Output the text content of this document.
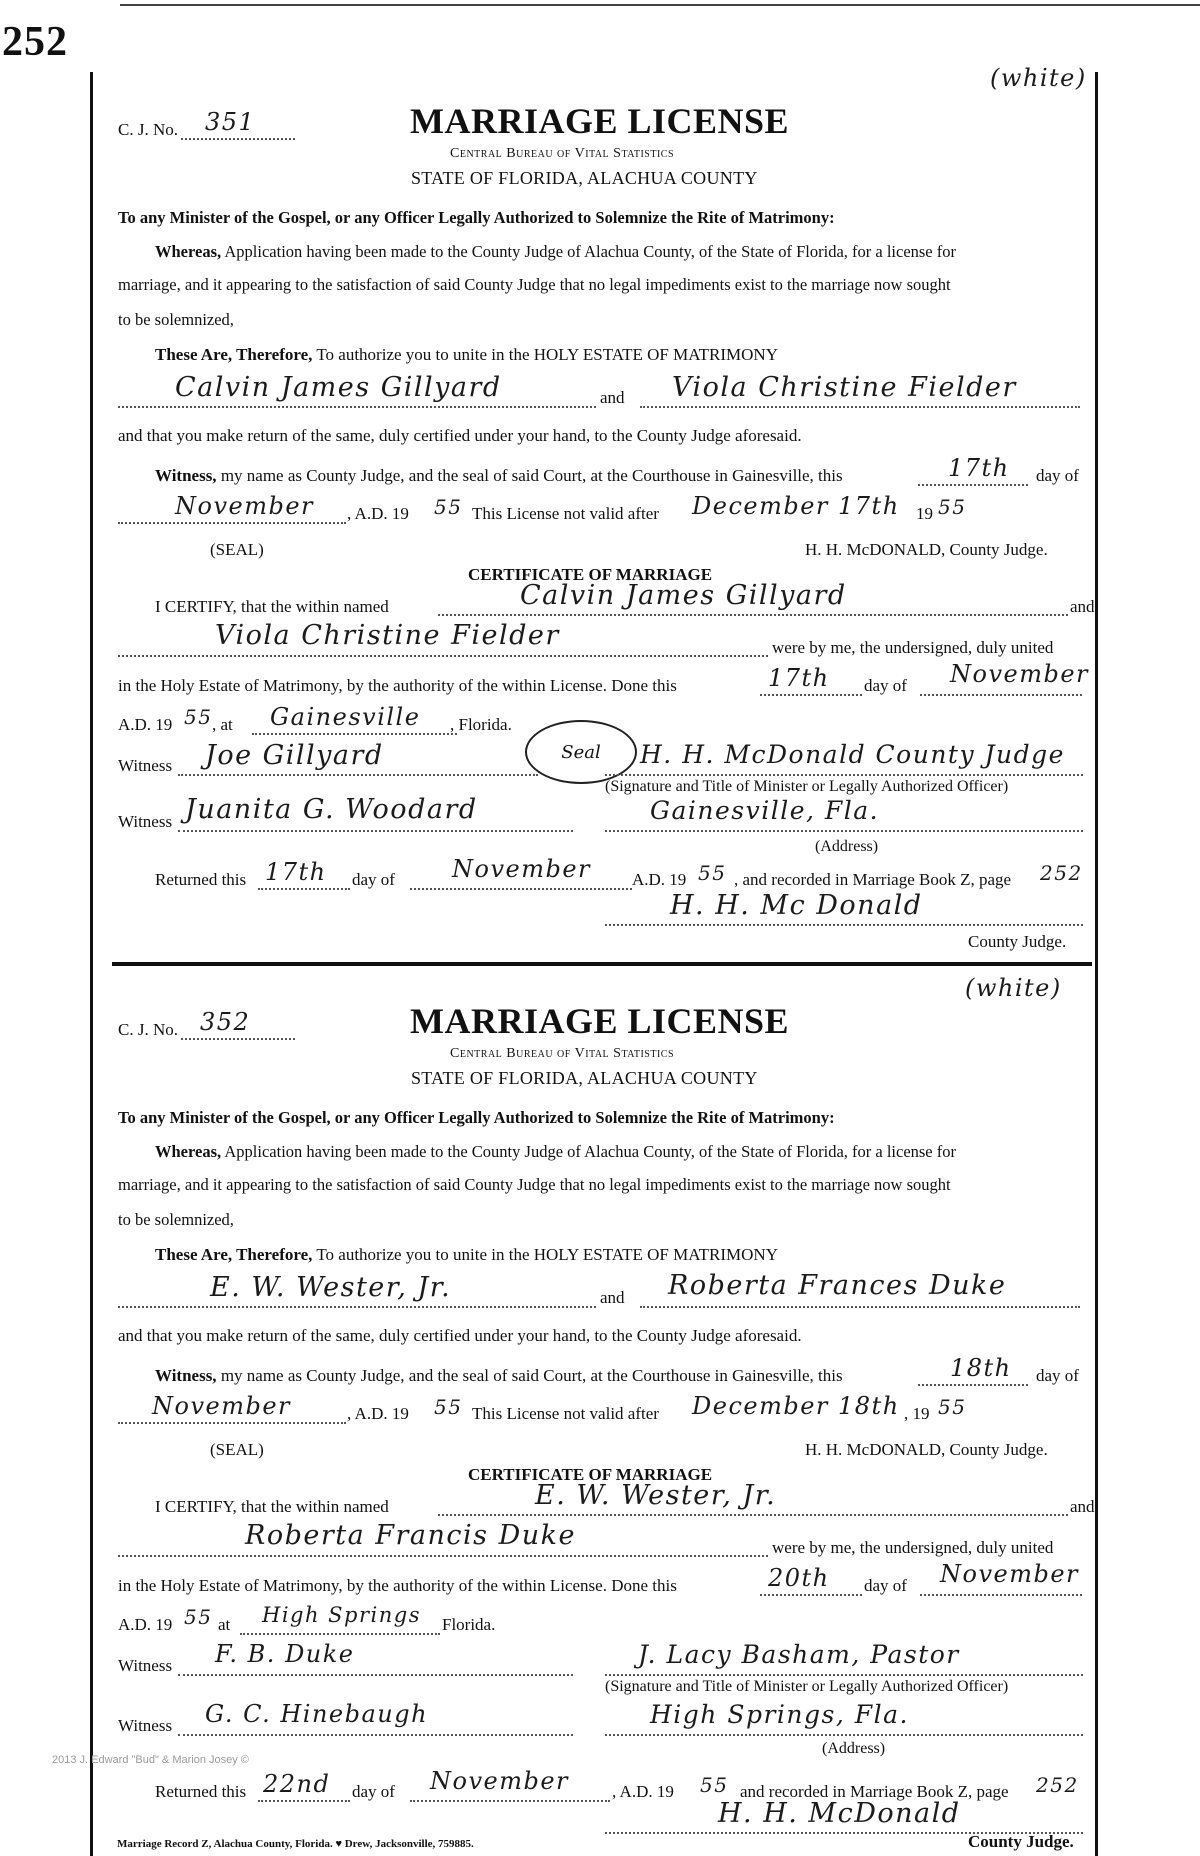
252
(white)
C. J. No. 351	MARRIAGE LICENSE
Central Bureau of Vital Statistics
STATE OF FLORIDA, ALACHUA COUNTY
To any Minister of the Gospel, or any Officer Legally Authorized to Solemnize the Rite of Matrimony:
Whereas, Application having been made to the County Judge of Alachua County, of the State of Florida, for a license for
marriage, and it appearing to the satisfaction of said County Judge that no legal impediments exist to the marriage now sought
to be solemnized,
These Are, Therefore, To authorize you to unite in the HOLY ESTATE OF MATRIMONY
Calvin James Gillyard	and Viola Christine Fielder
and that you make return of the same, duly certified under your hand, to the County Judge aforesaid.
Witness, my name as County Judge, and the seal of said Court, at the Courthouse in Gainesville, this	17th day of
November , A.D. 19 55 This License not valid after December 17th 19 55
(SEAL)	H. H. McDONALD, County Judge.
CERTIFICATE OF MARRIAGE
I CERTIFY, that the within named	Calvin James Gillyard	and
Viola Christine Fielder	were by me, the undersigned, duly united
in the Holy Estate of Matrimony, by the authority of the within License. Done this	17th day of November
A.D. 19 55 , at Gainesville , Florida.
Witness Joe Gillyard	Seal H. H. McDonald County Judge
(Signature and Title of Minister or Legally Authorized Officer)
Witness Juanita G. Woodard	Gainesville, Fla.
(Address)
Returned this 17th day of November A.D. 19 55 , and recorded in Marriage Book Z, page 252
H. H. Mc Donald
County Judge.
(white)
C. J. No. 352	MARRIAGE LICENSE
Central Bureau of Vital Statistics
STATE OF FLORIDA, ALACHUA COUNTY
To any Minister of the Gospel, or any Officer Legally Authorized to Solemnize the Rite of Matrimony:
Whereas, Application having been made to the County Judge of Alachua County, of the State of Florida, for a license for
marriage, and it appearing to the satisfaction of said County Judge that no legal impediments exist to the marriage now sought
to be solemnized,
These Are, Therefore, To authorize you to unite in the HOLY ESTATE OF MATRIMONY
E. W. Wester, Jr.	and Roberta Frances Duke
and that you make return of the same, duly certified under your hand, to the County Judge aforesaid.
Witness, my name as County Judge, and the seal of said Court, at the Courthouse in Gainesville, this	18th day of
November	, A.D. 19 55 This License not valid after December 18th , 19 55
(SEAL)	H. H. McDONALD, County Judge.
CERTIFICATE OF MARRIAGE
I CERTIFY, that the within named	E. W. Wester, Jr.	and
Roberta Francis Duke	were by me, the undersigned, duly united
in the Holy Estate of Matrimony, by the authority of the within License. Done this	20th day of November
A.D. 19 55 at High Springs Florida.
Witness F. B. Duke	J. Lacy Basham, Pastor
(Signature and Title of Minister or Legally Authorized Officer)
Witness G. C. Hinebaugh	High Springs, Fla.
(Address)
Returned this 22nd day of November	, A.D. 19 55 and recorded in Marriage Book Z, page 252
H. H. McDonald
2013 J. Edward "Bud" & Marion Josey ©
Marriage Record Z, Alachua County, Florida. ♥ Drew, Jacksonville, 759885.	County Judge.
